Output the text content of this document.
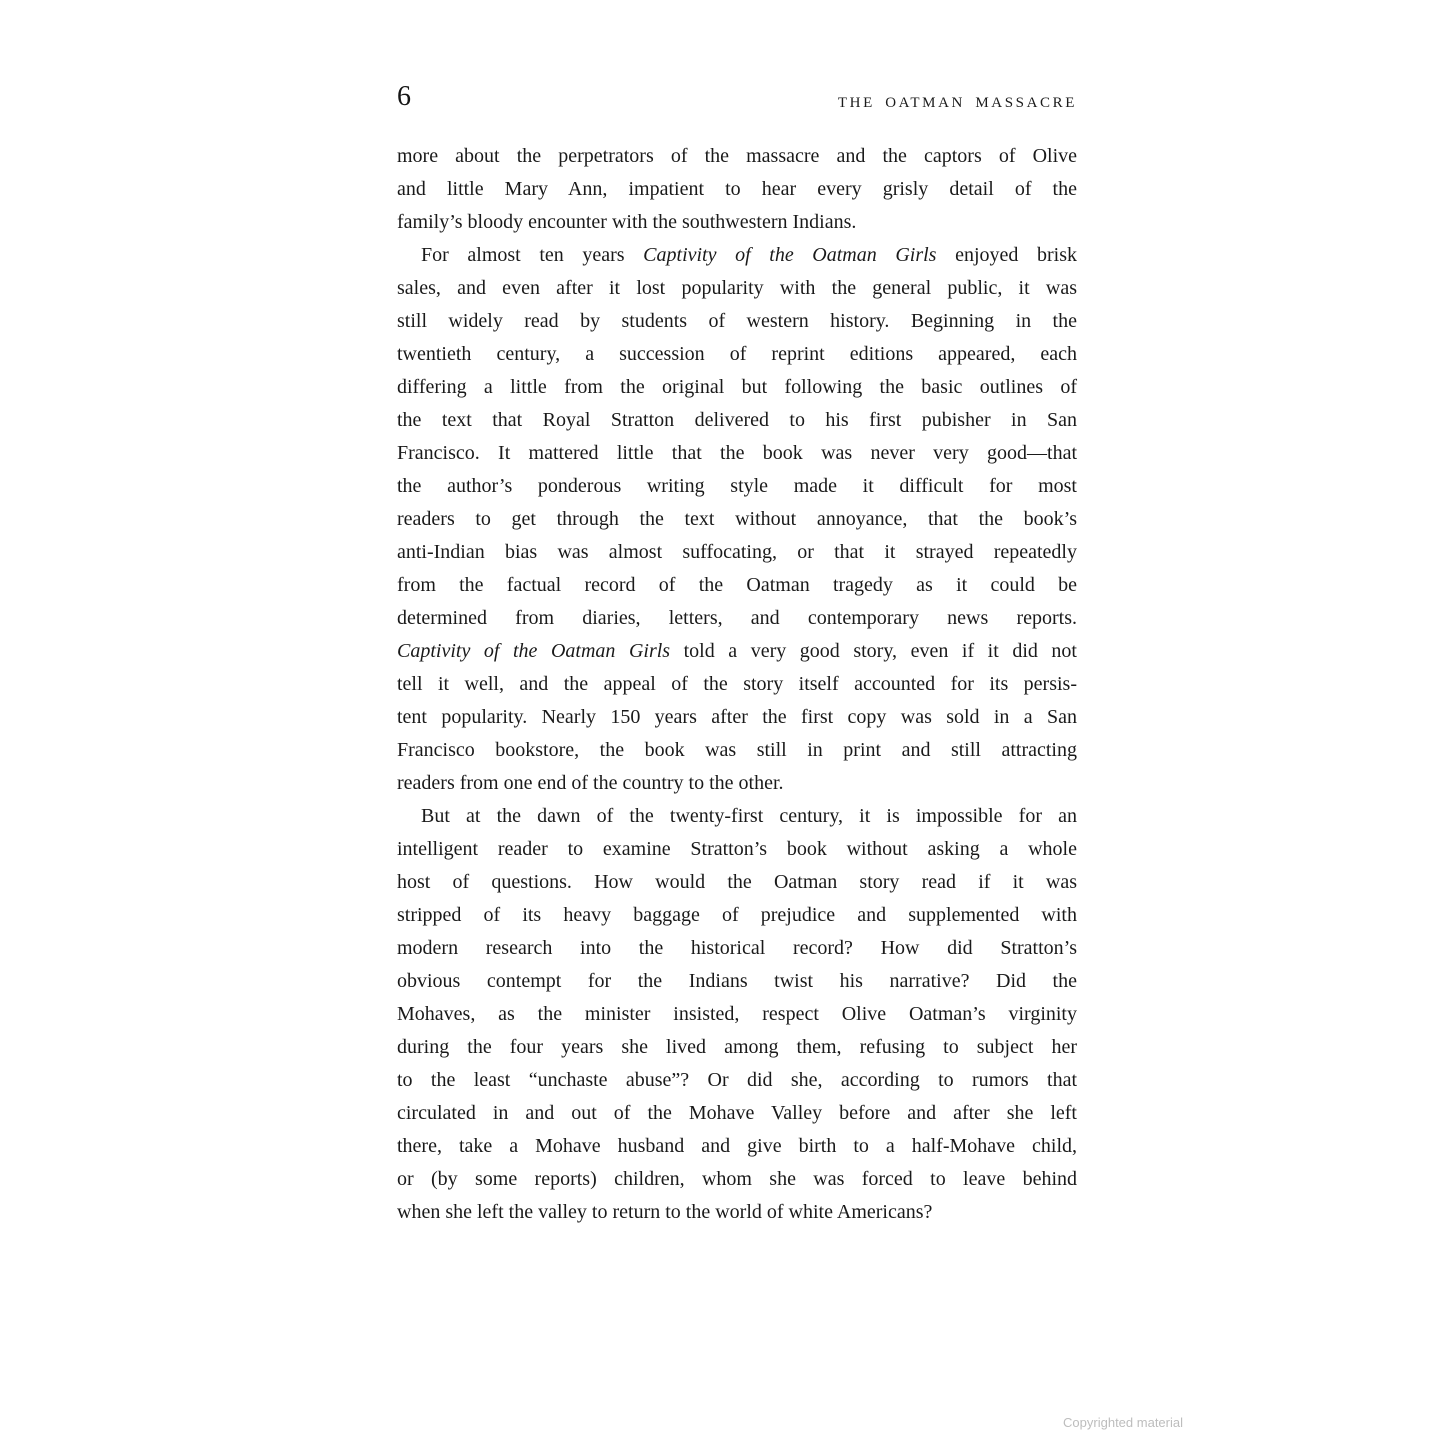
6	THE OATMAN MASSACRE
more about the perpetrators of the massacre and the captors of Olive
and little Mary Ann, impatient to hear every grisly detail of the
family’s bloody encounter with the southwestern Indians.
For almost ten years Captivity of the Oatman Girls enjoyed brisk
sales, and even after it lost popularity with the general public, it was
still widely read by students of western history. Beginning in the
twentieth century, a succession of reprint editions appeared, each
differing a little from the original but following the basic outlines of
the text that Royal Stratton delivered to his first pubisher in San
Francisco. It mattered little that the book was never very good—that
the author’s ponderous writing style made it difficult for most
readers to get through the text without annoyance, that the book’s
anti-Indian bias was almost suffocating, or that it strayed repeatedly
from the factual record of the Oatman tragedy as it could be
determined from diaries, letters, and contemporary news reports.
Captivity of the Oatman Girls told a very good story, even if it did not
tell it well, and the appeal of the story itself accounted for its persis-
tent popularity. Nearly 150 years after the first copy was sold in a San
Francisco bookstore, the book was still in print and still attracting
readers from one end of the country to the other.
But at the dawn of the twenty-first century, it is impossible for an
intelligent reader to examine Stratton’s book without asking a whole
host of questions. How would the Oatman story read if it was
stripped of its heavy baggage of prejudice and supplemented with
modern research into the historical record? How did Stratton’s
obvious contempt for the Indians twist his narrative? Did the
Mohaves, as the minister insisted, respect Olive Oatman’s virginity
during the four years she lived among them, refusing to subject her
to the least “unchaste abuse”? Or did she, according to rumors that
circulated in and out of the Mohave Valley before and after she left
there, take a Mohave husband and give birth to a half-Mohave child,
or (by some reports) children, whom she was forced to leave behind
when she left the valley to return to the world of white Americans?
Copyrighted material
